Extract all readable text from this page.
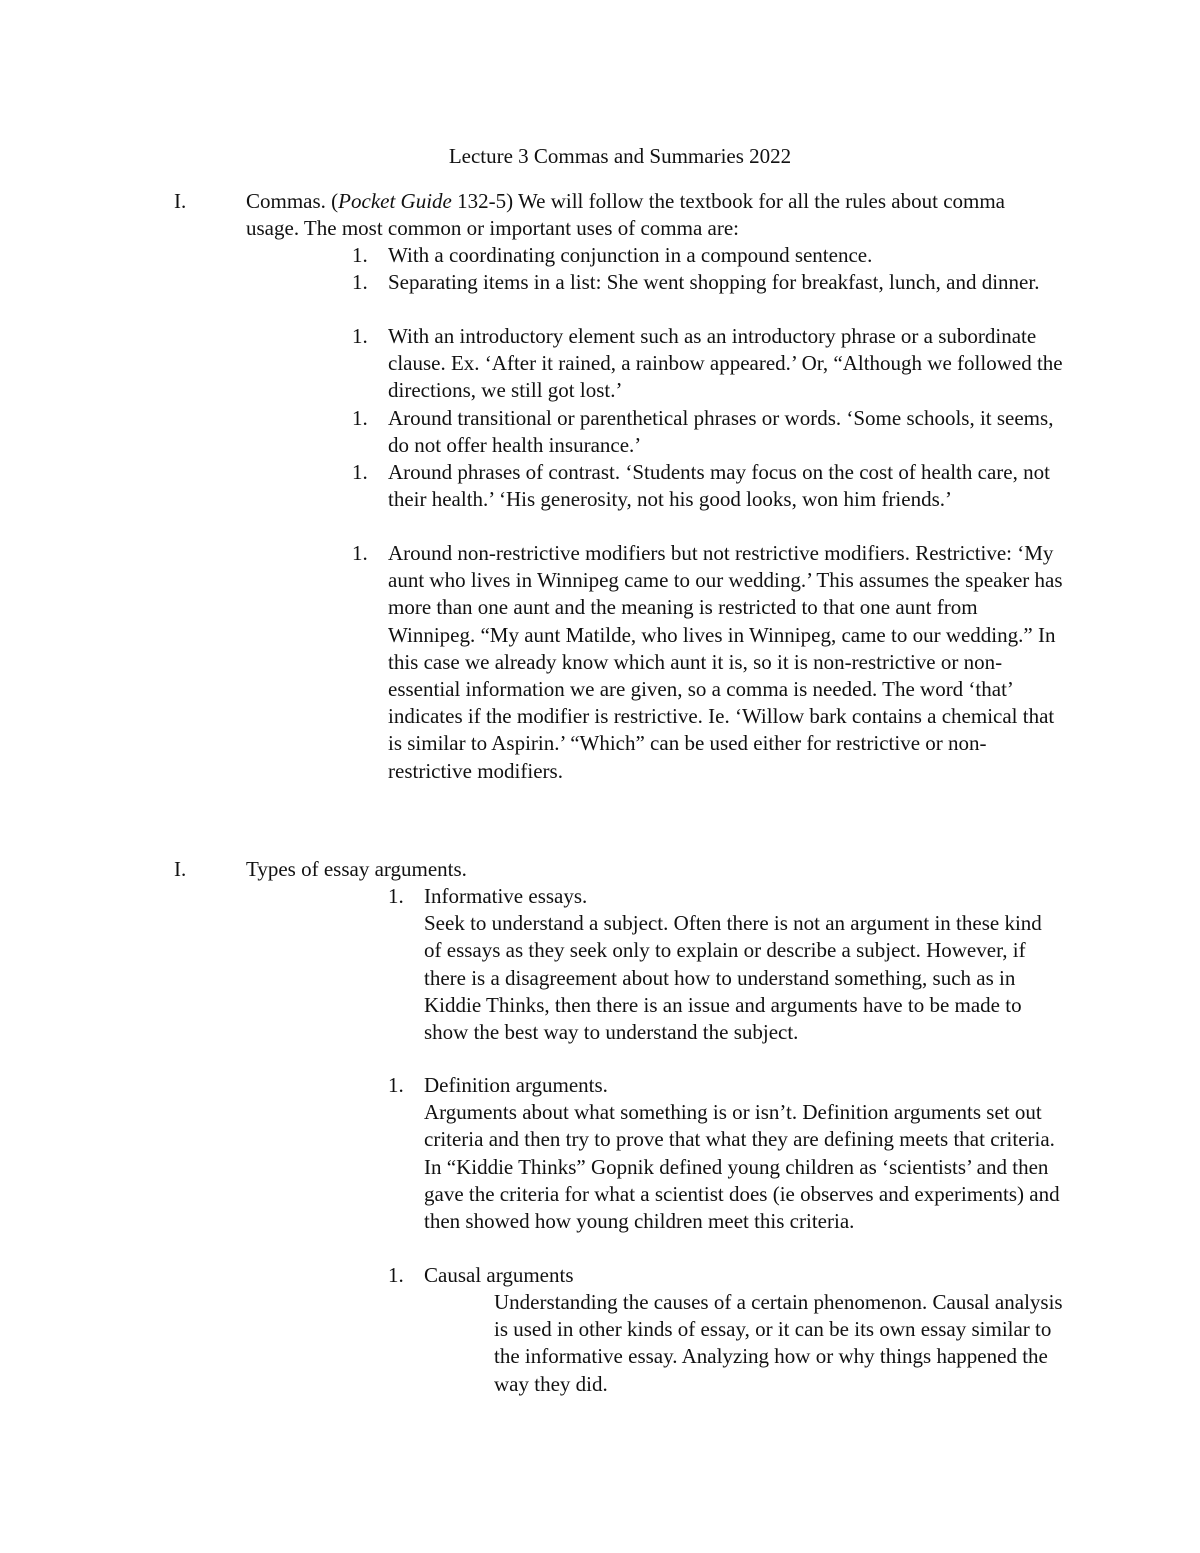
Lecture 3 Commas and Summaries 2022
I.	Commas. (Pocket Guide 132-5) We will follow the textbook for all the rules about comma usage. The most common or important uses of comma are:
1. With a coordinating conjunction in a compound sentence.
1. Separating items in a list: She went shopping for breakfast, lunch, and dinner.
1. With an introductory element such as an introductory phrase or a subordinate clause. Ex. ‘After it rained, a rainbow appeared.’ Or, “Although we followed the directions, we still got lost.’
1. Around transitional or parenthetical phrases or words. ‘Some schools, it seems, do not offer health insurance.’
1. Around phrases of contrast. ‘Students may focus on the cost of health care, not their health.’ ‘His generosity, not his good looks, won him friends.’
1. Around non-restrictive modifiers but not restrictive modifiers. Restrictive: ‘My aunt who lives in Winnipeg came to our wedding.’ This assumes the speaker has more than one aunt and the meaning is restricted to that one aunt from Winnipeg. “My aunt Matilde, who lives in Winnipeg, came to our wedding.” In this case we already know which aunt it is, so it is non-restrictive or non-essential information we are given, so a comma is needed. The word ‘that’ indicates if the modifier is restrictive. Ie. ‘Willow bark contains a chemical that is similar to Aspirin.’ “Which” can be used either for restrictive or non-restrictive modifiers.
I.	Types of essay arguments.
1. Informative essays.
Seek to understand a subject. Often there is not an argument in these kind of essays as they seek only to explain or describe a subject. However, if there is a disagreement about how to understand something, such as in Kiddie Thinks, then there is an issue and arguments have to be made to show the best way to understand the subject.
1. Definition arguments.
Arguments about what something is or isn’t. Definition arguments set out criteria and then try to prove that what they are defining meets that criteria. In “Kiddie Thinks” Gopnik defined young children as ‘scientists’ and then gave the criteria for what a scientist does (ie observes and experiments) and then showed how young children meet this criteria.
1. Causal arguments
Understanding the causes of a certain phenomenon. Causal analysis is used in other kinds of essay, or it can be its own essay similar to the informative essay. Analyzing how or why things happened the way they did.
